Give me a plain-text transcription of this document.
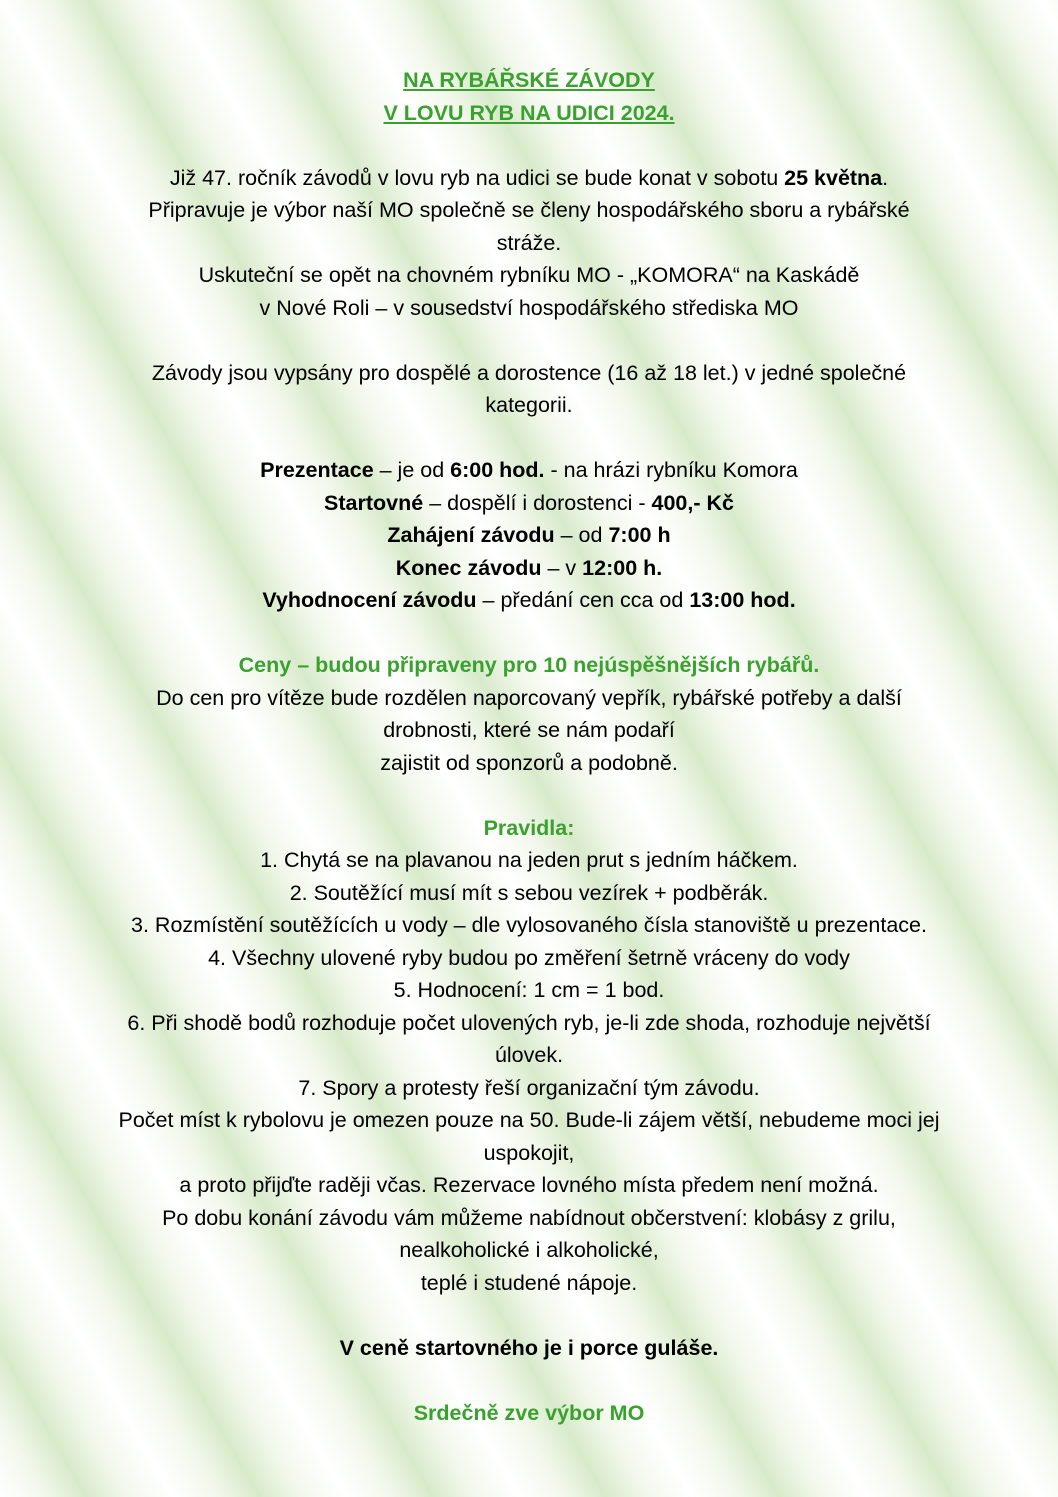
NA RYBÁŘSKÉ ZÁVODY
V LOVU RYB NA UDICI 2024.
Již 47. ročník závodů v lovu ryb na udici se bude konat v sobotu 25 května.
Připravuje je výbor naší MO společně se členy hospodářského sboru a rybářské
stráže.
Uskuteční se opět na chovném rybníku MO - „KOMORA“ na Kaskádě
v Nové Roli – v sousedství hospodářského střediska MO
Závody jsou vypsány pro dospělé a dorostence (16 až 18 let.) v jedné společné
kategorii.
Prezentace – je od 6:00 hod. - na hrázi rybníku Komora
Startovné – dospělí i dorostenci - 400,- Kč
Zahájení závodu – od 7:00 h
Konec závodu – v 12:00 h.
Vyhodnocení závodu – předání cen cca od 13:00 hod.
Ceny – budou připraveny pro 10 nejúspěšnějších rybářů.
Do cen pro vítěze bude rozdělen naporcovaný vepřík, rybářské potřeby a další
drobnosti, které se nám podaří
zajistit od sponzorů a podobně.
Pravidla:
1. Chytá se na plavanou na jeden prut s jedním háčkem.
2. Soutěžící musí mít s sebou vezírek + podběrák.
3. Rozmístění soutěžících u vody – dle vylosovaného čísla stanoviště u prezentace.
4. Všechny ulovené ryby budou po změření šetrně vráceny do vody
5. Hodnocení: 1 cm = 1 bod.
6. Při shodě bodů rozhoduje počet ulovených ryb, je-li zde shoda, rozhoduje největší
úlovek.
7. Spory a protesty řeší organizační tým závodu.
Počet míst k rybolovu je omezen pouze na 50. Bude-li zájem větší, nebudeme moci jej
uspokojit,
a proto přijďte raději včas. Rezervace lovného místa předem není možná.
Po dobu konání závodu vám můžeme nabídnout občerstvení: klobásy z grilu,
nealkoholické i alkoholické,
teplé i studené nápoje.
V ceně startovného je i porce guláše.
Srdečně zve výbor MO
